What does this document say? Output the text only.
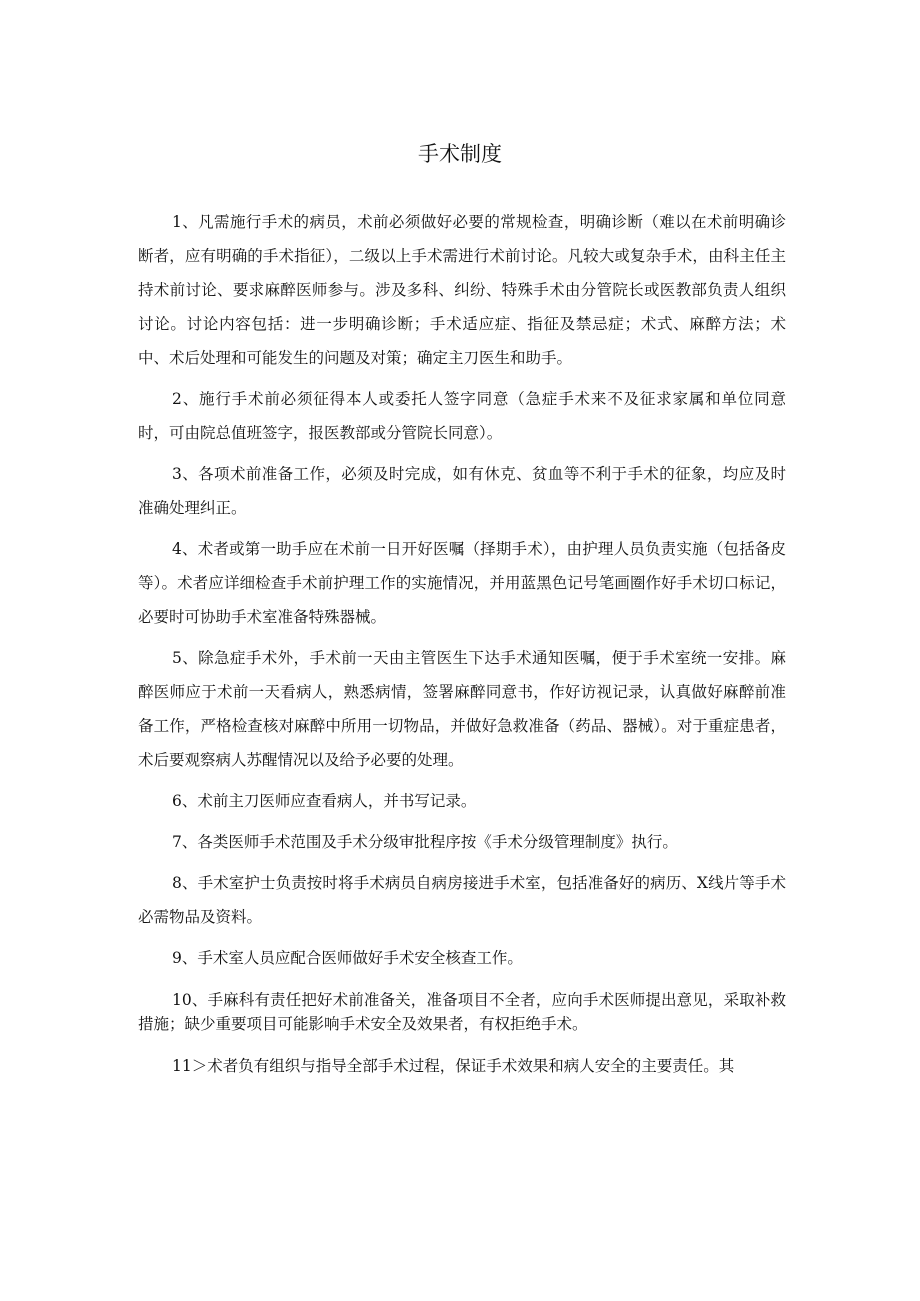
手术制度

1、凡需施行手术的病员，术前必须做好必要的常规检查，明确诊断（难以在术前明确诊断者，应有明确的手术指征），二级以上手术需进行术前讨论。凡较大或复杂手术，由科主任主持术前讨论、要求麻醉医师参与。涉及多科、纠纷、特殊手术由分管院长或医教部负责人组织讨论。讨论内容包括：进一步明确诊断；手术适应症、指征及禁忌症；术式、麻醉方法；术中、术后处理和可能发生的问题及对策；确定主刀医生和助手。

2、施行手术前必须征得本人或委托人签字同意（急症手术来不及征求家属和单位同意时，可由院总值班签字，报医教部或分管院长同意）。

3、各项术前准备工作，必须及时完成，如有休克、贫血等不利于手术的征象，均应及时准确处理纠正。

4、术者或第一助手应在术前一日开好医嘱（择期手术），由护理人员负责实施（包括备皮等）。术者应详细检查手术前护理工作的实施情况，并用蓝黑色记号笔画圈作好手术切口标记，必要时可协助手术室准备特殊器械。

5、除急症手术外，手术前一天由主管医生下达手术通知医嘱，便于手术室统一安排。麻醉医师应于术前一天看病人，熟悉病情，签署麻醉同意书，作好访视记录，认真做好麻醉前准备工作，严格检查核对麻醉中所用一切物品，并做好急救准备（药品、器械）。对于重症患者，术后要观察病人苏醒情况以及给予必要的处理。

6、术前主刀医师应查看病人，并书写记录。

7、各类医师手术范围及手术分级审批程序按《手术分级管理制度》执行。

8、手术室护士负责按时将手术病员自病房接进手术室，包括准备好的病历、X线片等手术必需物品及资料。

9、手术室人员应配合医师做好手术安全核查工作。

10、手麻科有责任把好术前准备关，准备项目不全者，应向手术医师提出意见，采取补救措施；缺少重要项目可能影响手术安全及效果者，有权拒绝手术。

11＞术者负有组织与指导全部手术过程，保证手术效果和病人安全的主要责任。其
